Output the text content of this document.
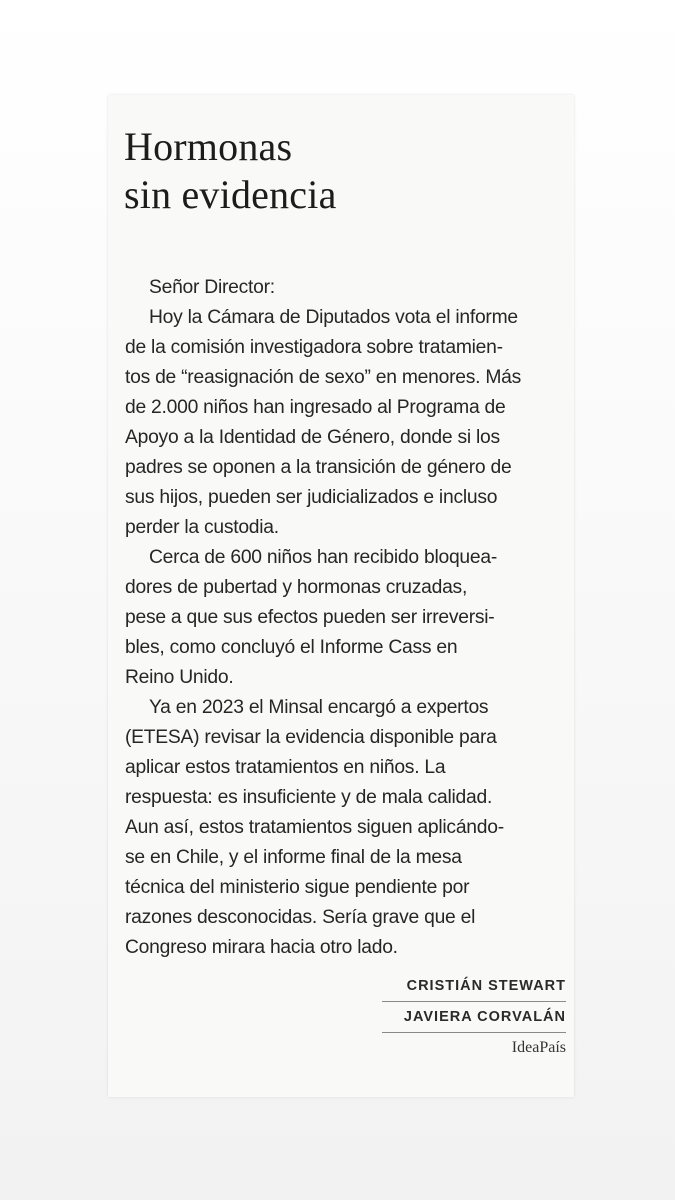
Hormonas
sin evidencia
Señor Director:
Hoy la Cámara de Diputados vota el informe
de la comisión investigadora sobre tratamien-
tos de “reasignación de sexo” en menores. Más
de 2.000 niños han ingresado al Programa de
Apoyo a la Identidad de Género, donde si los
padres se oponen a la transición de género de
sus hijos, pueden ser judicializados e incluso
perder la custodia.
Cerca de 600 niños han recibido bloquea-
dores de pubertad y hormonas cruzadas,
pese a que sus efectos pueden ser irreversi-
bles, como concluyó el Informe Cass en
Reino Unido.
Ya en 2023 el Minsal encargó a expertos
(ETESA) revisar la evidencia disponible para
aplicar estos tratamientos en niños. La
respuesta: es insuficiente y de mala calidad.
Aun así, estos tratamientos siguen aplicándo-
se en Chile, y el informe final de la mesa
técnica del ministerio sigue pendiente por
razones desconocidas. Sería grave que el
Congreso mirara hacia otro lado.
CRISTIÁN STEWART
JAVIERA CORVALÁN
IdeaPaís
